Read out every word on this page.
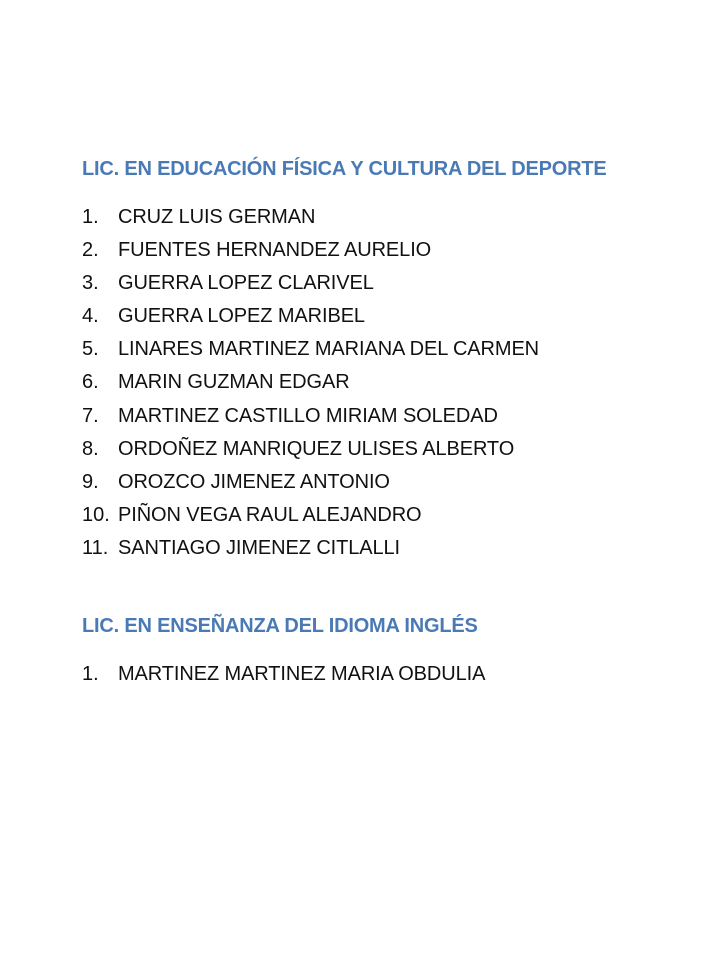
LIC. EN EDUCACIÓN FÍSICA Y CULTURA DEL DEPORTE
1. CRUZ LUIS GERMAN
2. FUENTES HERNANDEZ AURELIO
3. GUERRA LOPEZ CLARIVEL
4. GUERRA LOPEZ MARIBEL
5. LINARES MARTINEZ MARIANA DEL CARMEN
6. MARIN GUZMAN EDGAR
7. MARTINEZ CASTILLO MIRIAM SOLEDAD
8. ORDOÑEZ MANRIQUEZ ULISES ALBERTO
9. OROZCO JIMENEZ ANTONIO
10. PIÑON VEGA RAUL ALEJANDRO
11. SANTIAGO JIMENEZ CITLALLI
LIC. EN ENSEÑANZA DEL IDIOMA INGLÉS
1. MARTINEZ MARTINEZ MARIA OBDULIA
